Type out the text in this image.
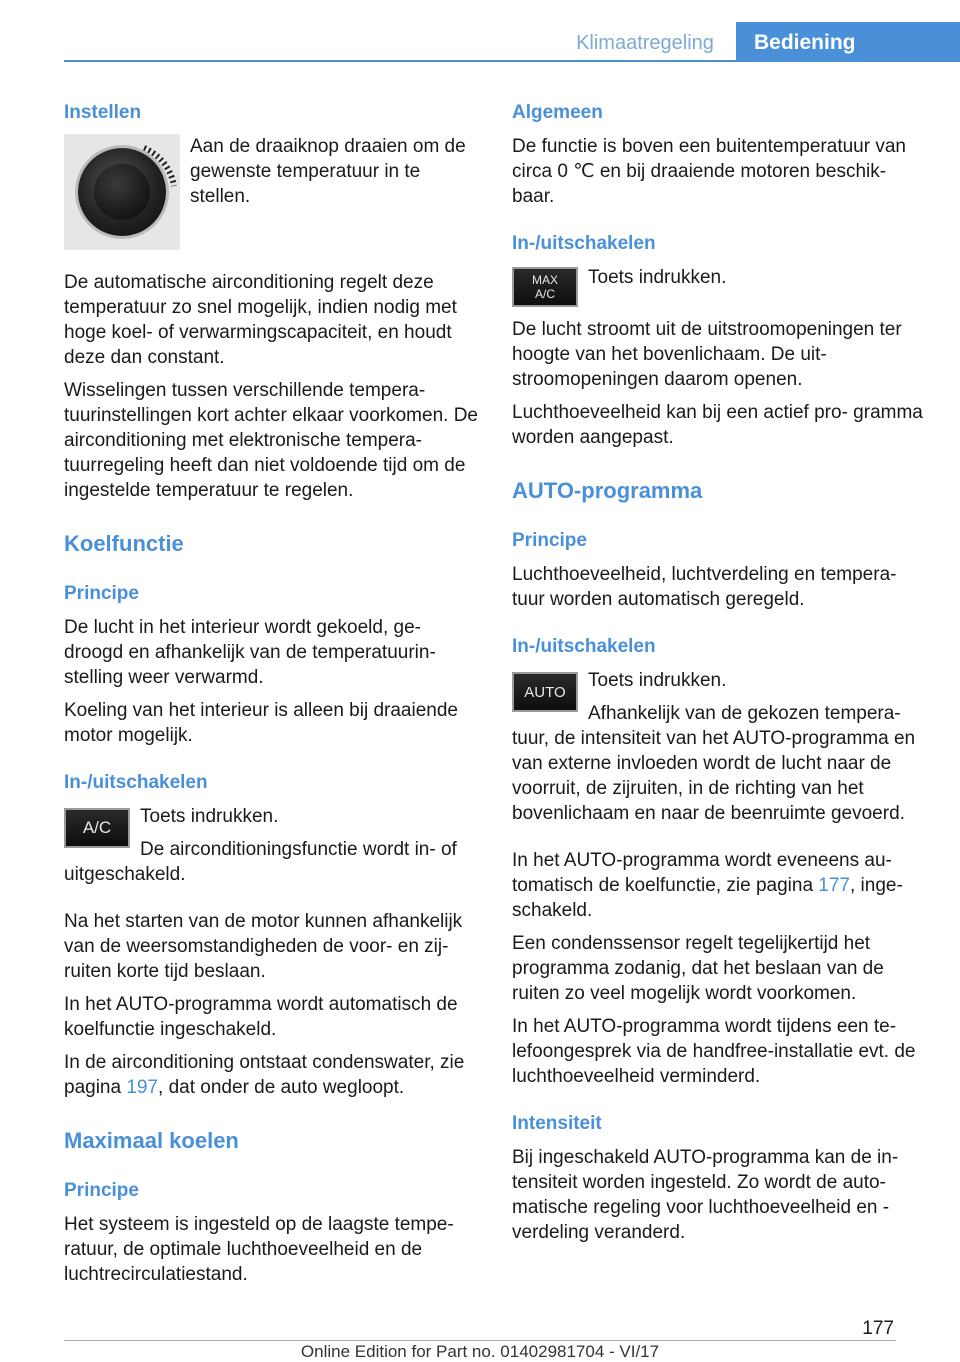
Klimaatregeling	Bediening
Instellen

Aan de draaiknop draaien om de gewenste temperatuur in te stellen.

De automatische airconditioning regelt deze temperatuur zo snel mogelijk, indien nodig met hoge koel- of verwarmingscapaciteit, en houdt deze dan constant.

Wisselingen tussen verschillende tempera‐ tuurinstellingen kort achter elkaar voorkomen. De airconditioning met elektronische tempera‐ tuurregeling heeft dan niet voldoende tijd om de ingestelde temperatuur te regelen.

Koelfunctie
Principe

De lucht in het interieur wordt gekoeld, ge‐ droogd en afhankelijk van de temperatuurin‐ stelling weer verwarmd.

Koeling van het interieur is alleen bij draaiende motor mogelijk.

In-/uitschakelen
A/C

Toets indrukken.

De airconditioningsfunctie wordt in- of uitgeschakeld.

Na het starten van de motor kunnen afhankelijk van de weersomstandigheden de voor- en zij‐ ruiten korte tijd beslaan.

In het AUTO-programma wordt automatisch de koelfunctie ingeschakeld.

In de airconditioning ontstaat condenswater, zie pagina 197, dat onder de auto wegloopt.

Maximaal koelen
Principe

Het systeem is ingesteld op de laagste tempe‐ ratuur, de optimale luchthoeveelheid en de luchtrecirculatiestand.

Algemeen

De functie is boven een buitentemperatuur van circa 0 ℃ en bij draaiende motoren beschik‐ baar.

In-/uitschakelen
MAX
A/C

Toets indrukken.

De lucht stroomt uit de uitstroomopeningen ter hoogte van het bovenlichaam. De uit‐ stroomopeningen daarom openen.

Luchthoeveelheid kan bij een actief pro‐ gramma worden aangepast.

AUTO-programma
Principe

Luchthoeveelheid, luchtverdeling en tempera‐ tuur worden automatisch geregeld.

In-/uitschakelen
AUTO

Toets indrukken.

Afhankelijk van de gekozen tempera‐ tuur, de intensiteit van het AUTO-programma en van externe invloeden wordt de lucht naar de voorruit, de zijruiten, in de richting van het bovenlichaam en naar de beenruimte gevoerd.

In het AUTO-programma wordt eveneens au‐ tomatisch de koelfunctie, zie pagina 177, inge‐ schakeld.

Een condenssensor regelt tegelijkertijd het programma zodanig, dat het beslaan van de ruiten zo veel mogelijk wordt voorkomen.

In het AUTO-programma wordt tijdens een te‐ lefoongesprek via de handfree-installatie evt. de luchthoeveelheid verminderd.

Intensiteit

Bij ingeschakeld AUTO-programma kan de in‐ tensiteit worden ingesteld. Zo wordt de auto‐ matische regeling voor luchthoeveelheid en - verdeling veranderd.

177
Online Edition for Part no. 01402981704 - VI/17
